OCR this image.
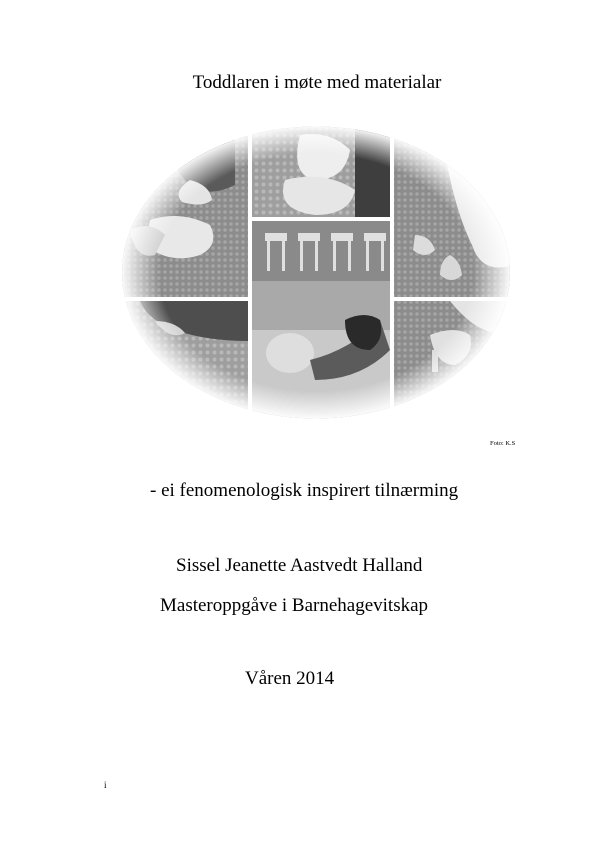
Toddlaren i møte med materialar
Foto: K.S
- ei fenomenologisk inspirert tilnærming
Sissel Jeanette Aastvedt Halland
Masteroppgåve i Barnehagevitskap
Våren 2014
i
